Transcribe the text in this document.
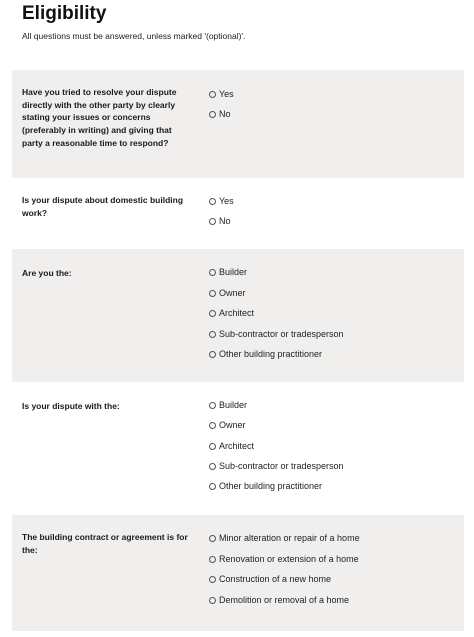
Eligibility
All questions must be answered, unless marked '(optional)'.
Have you tried to resolve your dispute directly with the other party by clearly stating your issues or concerns (preferably in writing) and giving that party a reasonable time to respond?
Yes
No
Is your dispute about domestic building work?
Yes
No
Are you the:	Builder
Owner
Architect
Sub-contractor or tradesperson
Other building practitioner
Is your dispute with the:	Builder
Owner
Architect
Sub-contractor or tradesperson
Other building practitioner
The building contract or agreement is for the:
Minor alteration or repair of a home
Renovation or extension of a home
Construction of a new home
Demolition or removal of a home
